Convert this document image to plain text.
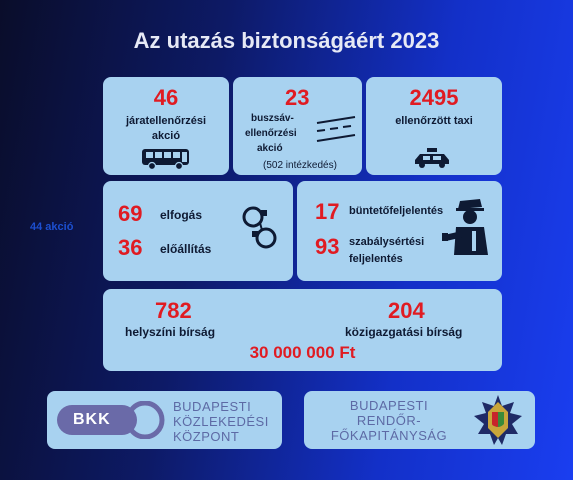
Az utazás biztonságáért 2023
44 akció
46
járatellenőrzési
akció
23
buszsáv-
ellenőrzési
akció
(502 intézkedés)
2495
ellenőrzött taxi
69 elfogás
36 előállítás
17 büntetőfeljelentés
93 szabálysértési
feljelentés
782
helyszíni bírság
204
közigazgatási bírság
30 000 000 Ft
BKK
BUDAPESTI
KÖZLEKEDÉSI
KÖZPONT
BUDAPESTI
RENDŐR-
FŐKAPITÁNYSÁG
